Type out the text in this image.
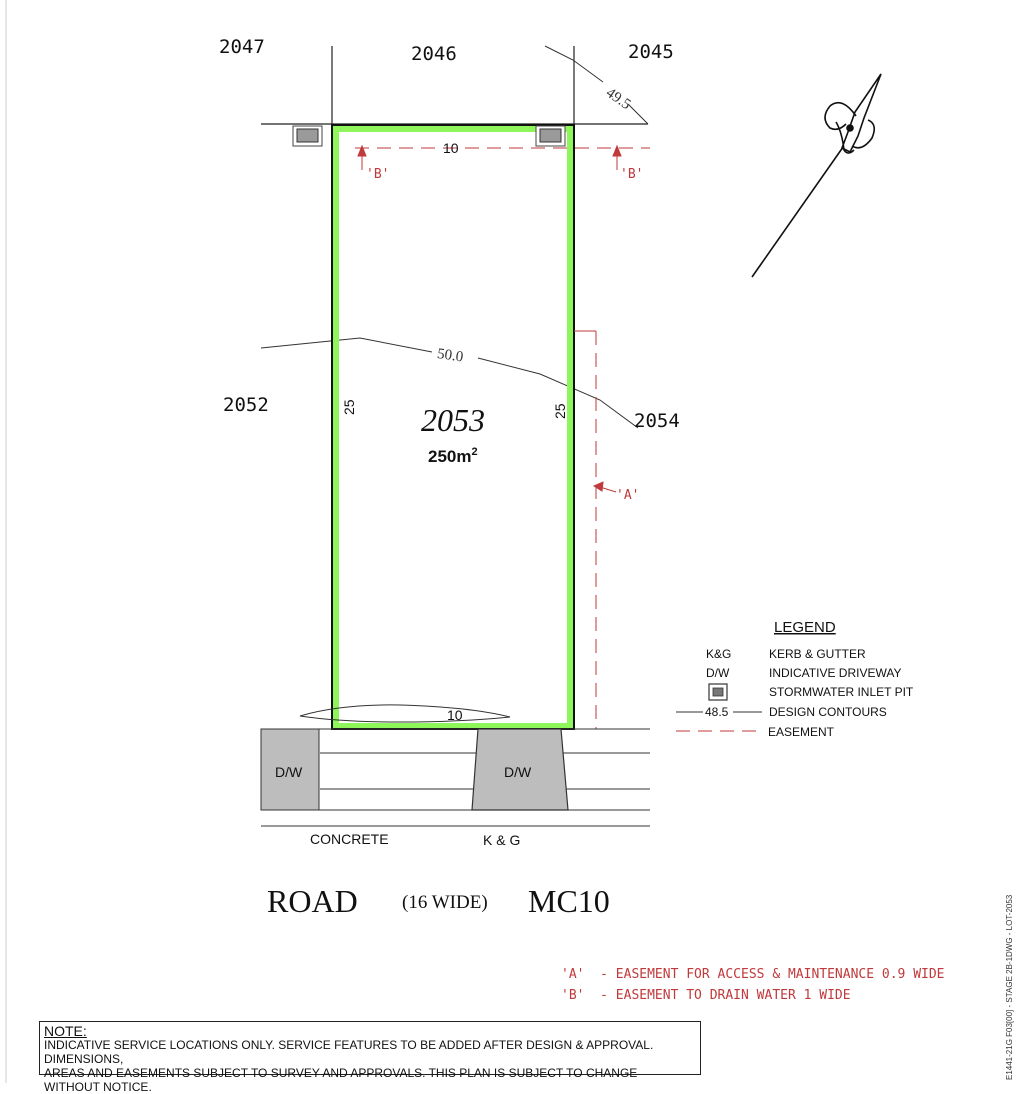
49.5
50.0
'B'	'B'
'A'
2047	2046	2045
2052
2054
10
25	25
2053
$250m^2$
10
D/W	D/W
CONCRETE	K & G
ROAD (16 WIDE) MC10
LEGEND
K&G	KERB & GUTTER
D/W	INDICATIVE DRIVEWAY
STORMWATER INLET PIT
48.5	DESIGN CONTOURS
EASEMENT
'A'  - EASEMENT FOR ACCESS & MAINTENANCE 0.9 WIDE
'B'  - EASEMENT TO DRAIN WATER 1 WIDE	E1441-21G F03[00] - STAGE 2B-1DWG - LOT-2053
NOTE:
INDICATIVE SERVICE LOCATIONS ONLY. SERVICE FEATURES TO BE ADDED AFTER DESIGN & APPROVAL. DIMENSIONS,
AREAS AND EASEMENTS SUBJECT TO SURVEY AND APPROVALS. THIS PLAN IS SUBJECT TO CHANGE WITHOUT NOTICE.
